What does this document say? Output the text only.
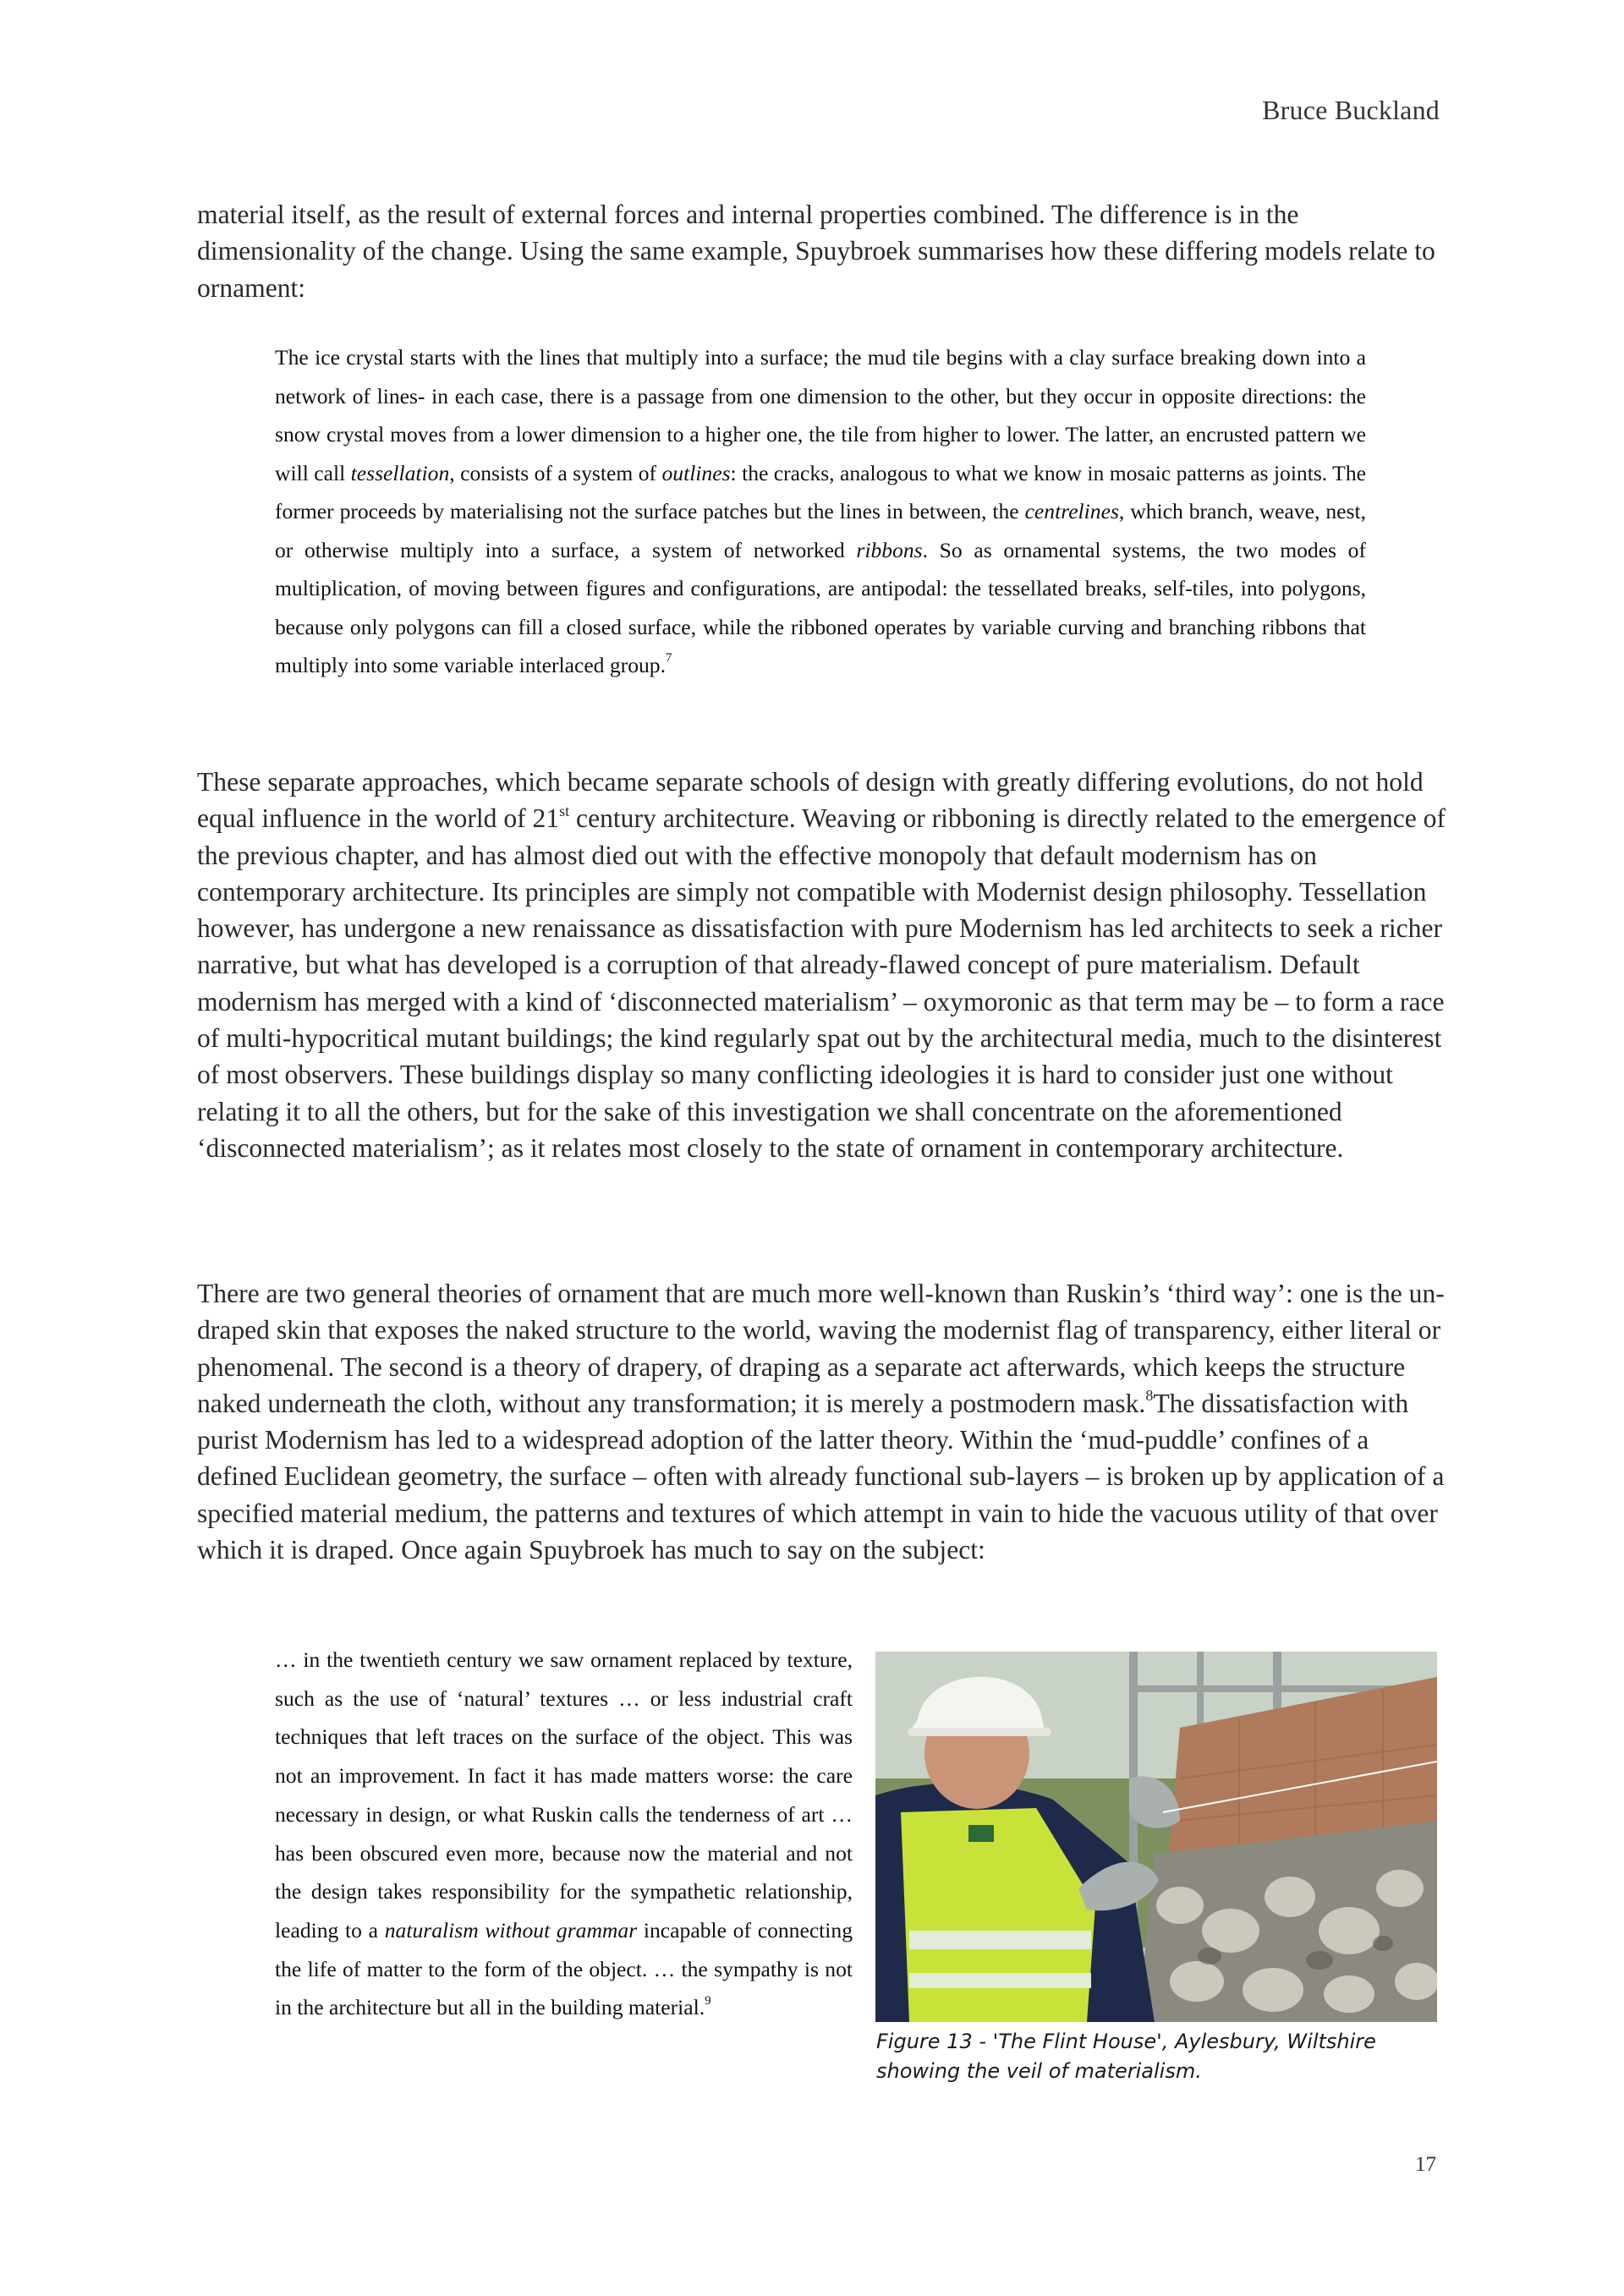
Bruce Buckland

material itself, as the result of external forces and internal properties combined. The difference is in the dimensionality of the change. Using the same example, Spuybroek summarises how these differing models relate to ornament:

The ice crystal starts with the lines that multiply into a surface; the mud tile begins with a clay surface breaking down into a network of lines- in each case, there is a passage from one dimension to the other, but they occur in opposite directions: the snow crystal moves from a lower dimension to a higher one, the tile from higher to lower. The latter, an encrusted pattern we will call tessellation, consists of a system of outlines: the cracks, analogous to what we know in mosaic patterns as joints. The former proceeds by materialising not the surface patches but the lines in between, the centrelines, which branch, weave, nest, or otherwise multiply into a surface, a system of networked ribbons. So as ornamental systems, the two modes of multiplication, of moving between figures and configurations, are antipodal: the tessellated breaks, self-tiles, into polygons, because only polygons can fill a closed surface, while the ribboned operates by variable curving and branching ribbons that multiply into some variable interlaced group.$^7$

These separate approaches, which became separate schools of design with greatly differing evolutions, do not hold equal influence in the world of 21st century architecture. Weaving or ribboning is directly related to the emergence of the previous chapter, and has almost died out with the effective monopoly that default modernism has on contemporary architecture. Its principles are simply not compatible with Modernist design philosophy. Tessellation however, has undergone a new renaissance as dissatisfaction with pure Modernism has led architects to seek a richer narrative, but what has developed is a corruption of that already-flawed concept of pure materialism. Default modernism has merged with a kind of ‘disconnected materialism’ – oxymoronic as that term may be – to form a race of multi-hypocritical mutant buildings; the kind regularly spat out by the architectural media, much to the disinterest of most observers. These buildings display so many conflicting ideologies it is hard to consider just one without relating it to all the others, but for the sake of this investigation we shall concentrate on the aforementioned ‘disconnected materialism’; as it relates most closely to the state of ornament in contemporary architecture.

There are two general theories of ornament that are much more well-known than Ruskin’s ‘third way’: one is the un-draped skin that exposes the naked structure to the world, waving the modernist flag of transparency, either literal or phenomenal. The second is a theory of drapery, of draping as a separate act afterwards, which keeps the structure naked underneath the cloth, without any transformation; it is merely a postmodern mask.$^8$The dissatisfaction with purist Modernism has led to a widespread adoption of the latter theory. Within the ‘mud-puddle’ confines of a defined Euclidean geometry, the surface – often with already functional sub-layers – is broken up by application of a specified material medium, the patterns and textures of which attempt in vain to hide the vacuous utility of that over which it is draped. Once again Spuybroek has much to say on the subject:

… in the twentieth century we saw ornament replaced by texture, such as the use of ‘natural’ textures … or less industrial craft techniques that left traces on the surface of the object. This was not an improvement. In fact it has made matters worse: the care necessary in design, or what Ruskin calls the tenderness of art … has been obscured even more, because now the material and not the design takes responsibility for the sympathetic relationship, leading to a naturalism without grammar incapable of connecting the life of matter to the form of the object. … the sympathy is not in the architecture but all in the building material.$^9$

Figure 13 - 'The Flint House', Aylesbury, Wiltshire
showing the veil of materialism.
17
